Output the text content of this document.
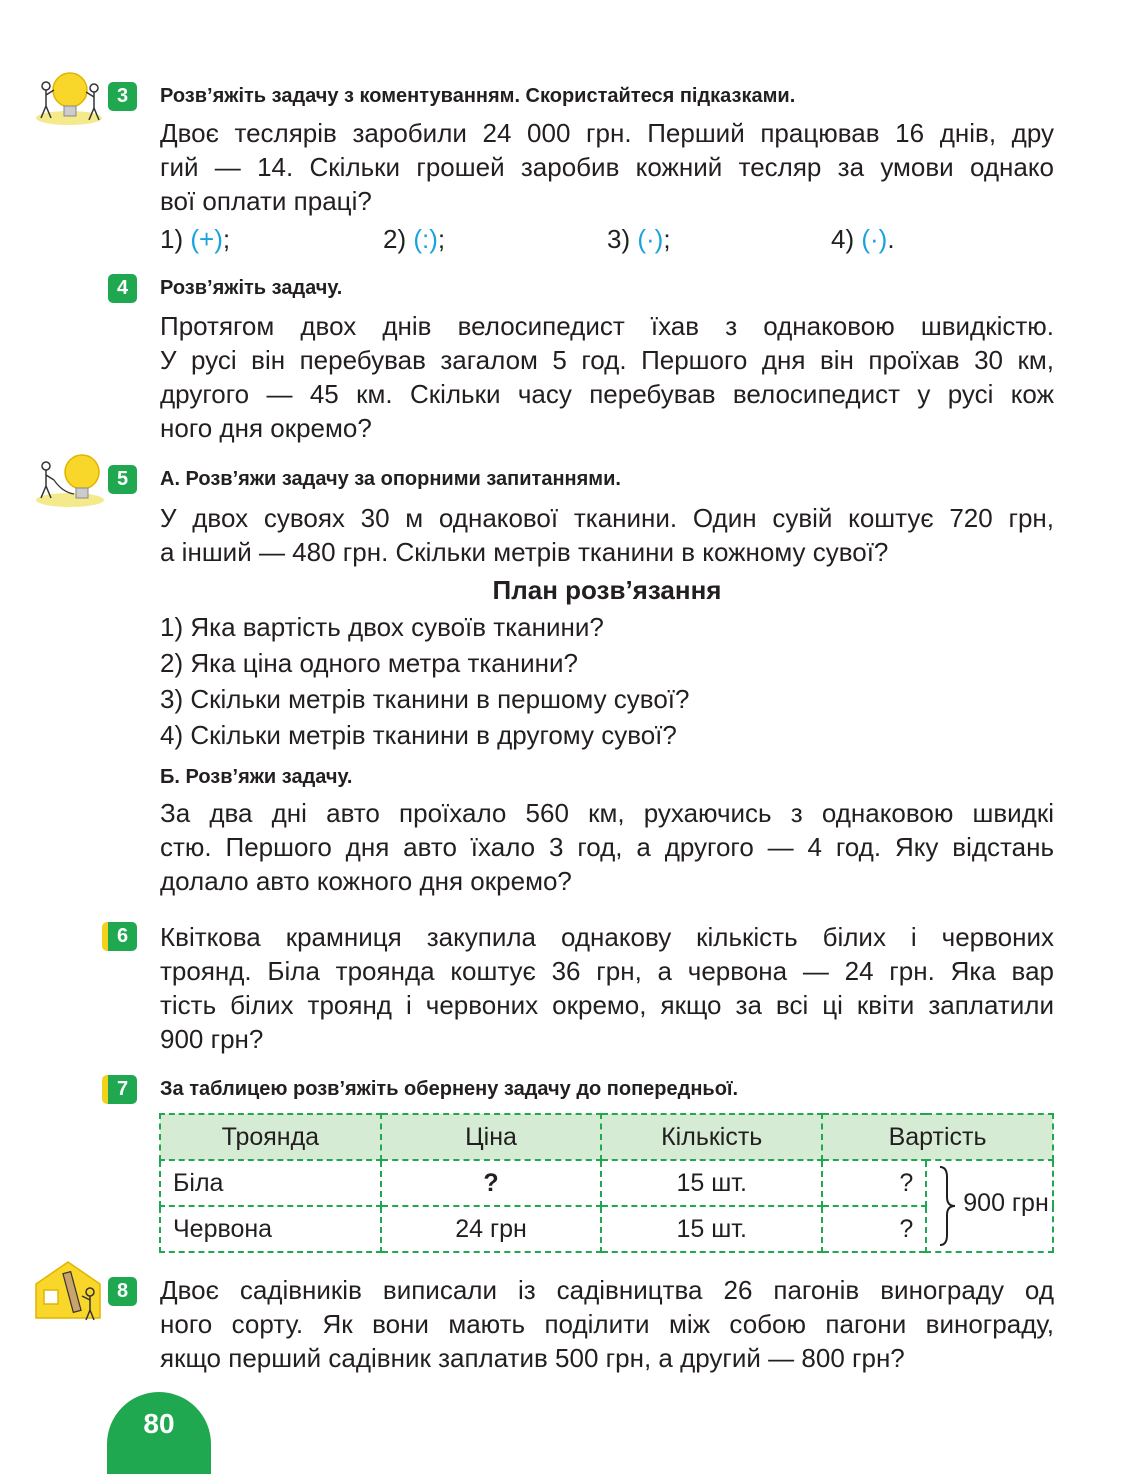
3	Розв’яжіть задачу з коментуванням. Скористайтеся підказками.
Двоє теслярів заробили 24 000 грн. Перший працював 16 днів, дру
гий — 14. Скільки грошей заробив кожний тесляр за умови однако
вої оплати праці?
1) (+);	2) (:);	3) (·);	4) (·).
4	Розв’яжіть задачу.
Протягом двох днів велосипедист їхав з однаковою швидкістю.
У русі він перебував загалом 5 год. Першого дня він проїхав 30 км,
другого — 45 км. Скільки часу перебував велосипедист у русі кож
ного дня окремо?
5	А. Розв’яжи задачу за опорними запитаннями.
У двох сувоях 30 м однакової тканини. Один сувій коштує 720 грн,
а інший — 480 грн. Скільки метрів тканини в кожному сувої?
План розв’язання
1) Яка вартість двох сувоїв тканини?
2) Яка ціна одного метра тканини?
3) Скільки метрів тканини в першому сувої?
4) Скільки метрів тканини в другому сувої?
Б. Розв’яжи задачу.
За два дні авто проїхало 560 км, рухаючись з однаковою швидкі
стю. Першого дня авто їхало 3 год, а другого — 4 год. Яку відстань
долало авто кожного дня окремо?
6	Квіткова крамниця закупила однакову кількість білих і червоних
троянд. Біла троянда коштує 36 грн, а червона — 24 грн. Яка вар
тість білих троянд і червоних окремо, якщо за всі ці квіти заплатили
900 грн?
7	За таблицею розв’яжіть обернену задачу до попередньої.
Троянда	Ціна	Кількість	Вартість	
Біла	?	15 шт.	?	900 грн

Червона	24 грн	15 шт.	?	
8	Двоє садівників виписали із садівництва 26 пагонів винограду од
ного сорту. Як вони мають поділити між собою пагони винограду,
якщо перший садівник заплатив 500 грн, а другий — 800 грн?
80
